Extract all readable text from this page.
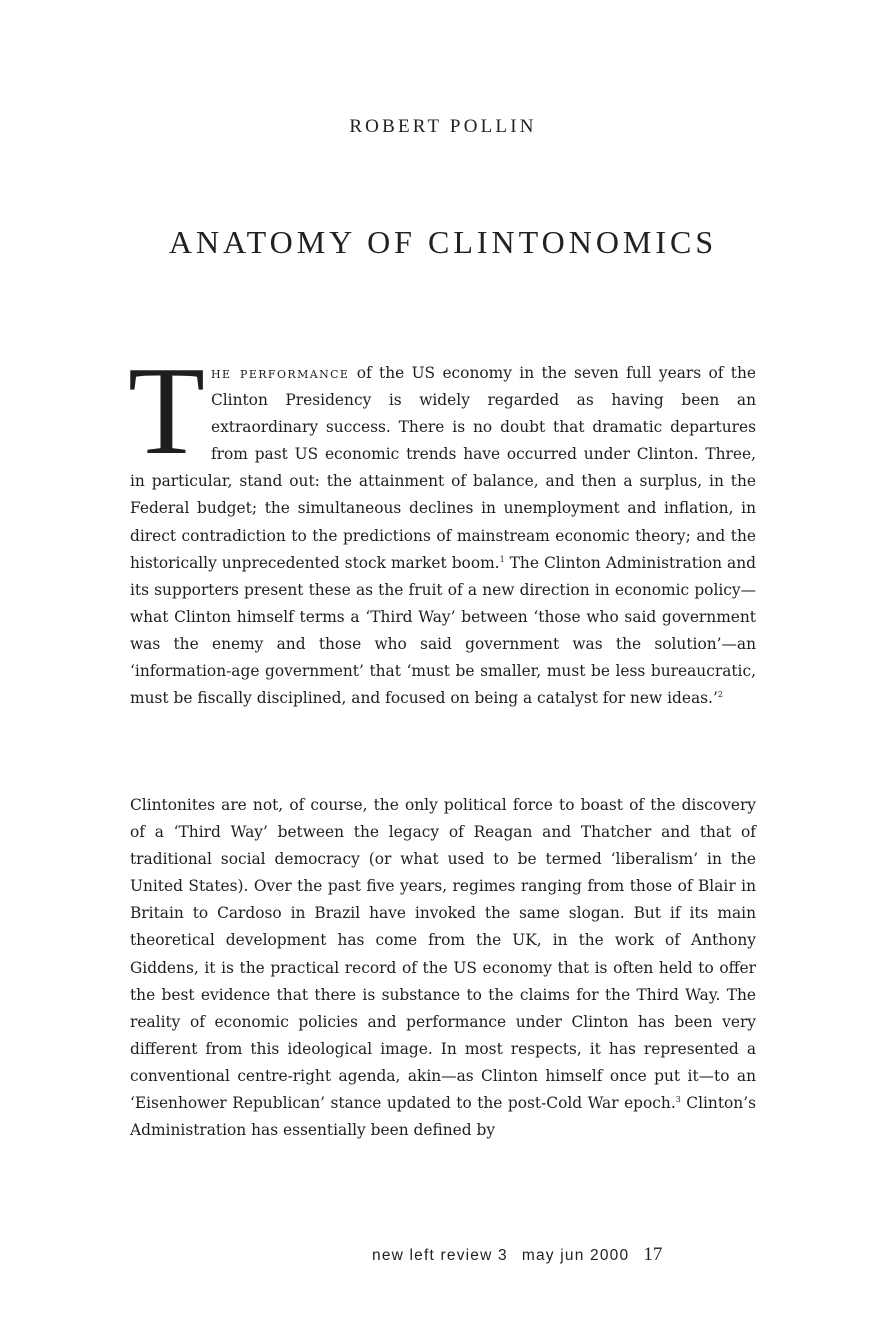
ROBERT POLLIN
ANATOMY OF CLINTONOMICS

The performance of the US economy in the seven full years of the Clinton Presidency is widely regarded as having been an extraordinary success. There is no doubt that dramatic departures from past US economic trends have occurred under Clinton. Three, in particular, stand out: the attainment of balance, and then a surplus, in the Federal budget; the simultaneous declines in unemployment and inflation, in direct contradiction to the predictions of mainstream economic theory; and the historically unprecedented stock market boom.$^1$ The Clinton Administration and its supporters present these as the fruit of a new direction in economic policy—what Clinton himself terms a ‘Third Way’ between ‘those who said government was the enemy and those who said government was the solution’—an ‘information-age government’ that ‘must be smaller, must be less bureaucratic, must be fiscally disciplined, and focused on being a catalyst for new ideas.’$^2$

Clintonites are not, of course, the only political force to boast of the discovery of a ‘Third Way’ between the legacy of Reagan and Thatcher and that of traditional social democracy (or what used to be termed ‘liberalism’ in the United States). Over the past five years, regimes ranging from those of Blair in Britain to Cardoso in Brazil have invoked the same slogan. But if its main theoretical development has come from the UK, in the work of Anthony Giddens, it is the practical record of the US economy that is often held to offer the best evidence that there is substance to the claims for the Third Way. The reality of economic policies and performance under Clinton has been very different from this ideological image. In most respects, it has represented a conventional centre-right agenda, akin—as Clinton himself once put it—to an ‘Eisenhower Republican’ stance updated to the post-Cold War epoch.$^3$ Clinton’s Administration has essentially been defined by

new left review 3 may jun 2000 17
